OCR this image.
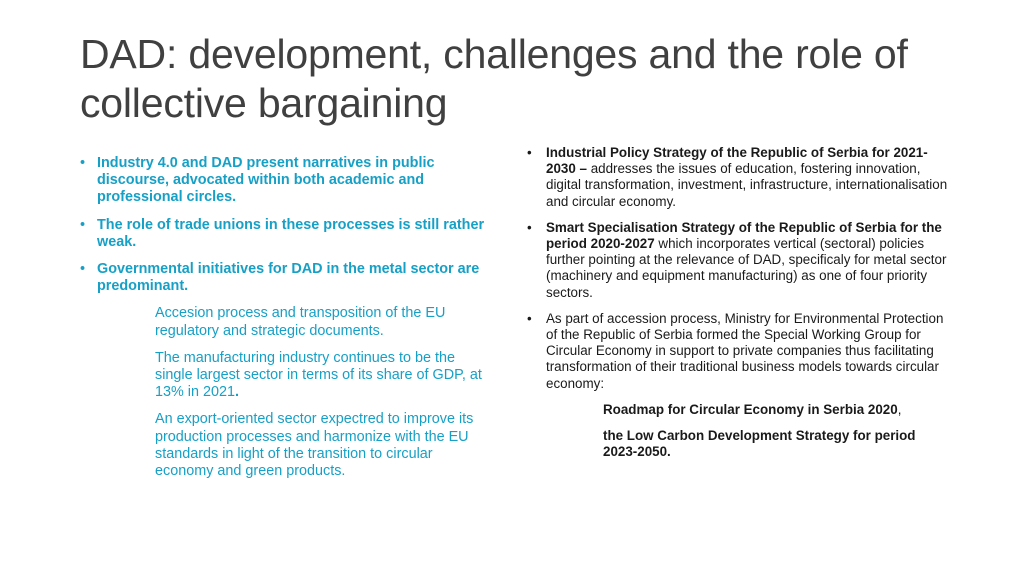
DAD: development, challenges and the role of collective bargaining
• Industry 4.0 and DAD present narratives in public discourse, advocated within both academic and professional circles.
• The role of trade unions in these processes is still rather weak.
• Governmental initiatives for DAD in the metal sector are predominant.
Accesion process and transposition of the EU regulatory and strategic documents.
The manufacturing industry continues to be the single largest sector in terms of its share of GDP, at 13% in 2021.
An export-oriented sector expectred to improve its production processes and harmonize with the EU standards in light of the transition to circular economy and green products.
• Industrial Policy Strategy of the Republic of Serbia for 2021-2030 – addresses the issues of education, fostering innovation, digital transformation, investment, infrastructure, internationalisation and circular economy.
• Smart Specialisation Strategy of the Republic of Serbia for the period 2020-2027 which incorporates vertical (sectoral) policies further pointing at the relevance of DAD, specificaly for metal sector (machinery and equipment manufacturing) as one of four priority sectors.
• As part of accession process, Ministry for Environmental Protection of the Republic of Serbia formed the Special Working Group for Circular Economy in support to private companies thus facilitating transformation of their traditional business models towards circular economy:
Roadmap for Circular Economy in Serbia 2020,
the Low Carbon Development Strategy for period 2023-2050.
